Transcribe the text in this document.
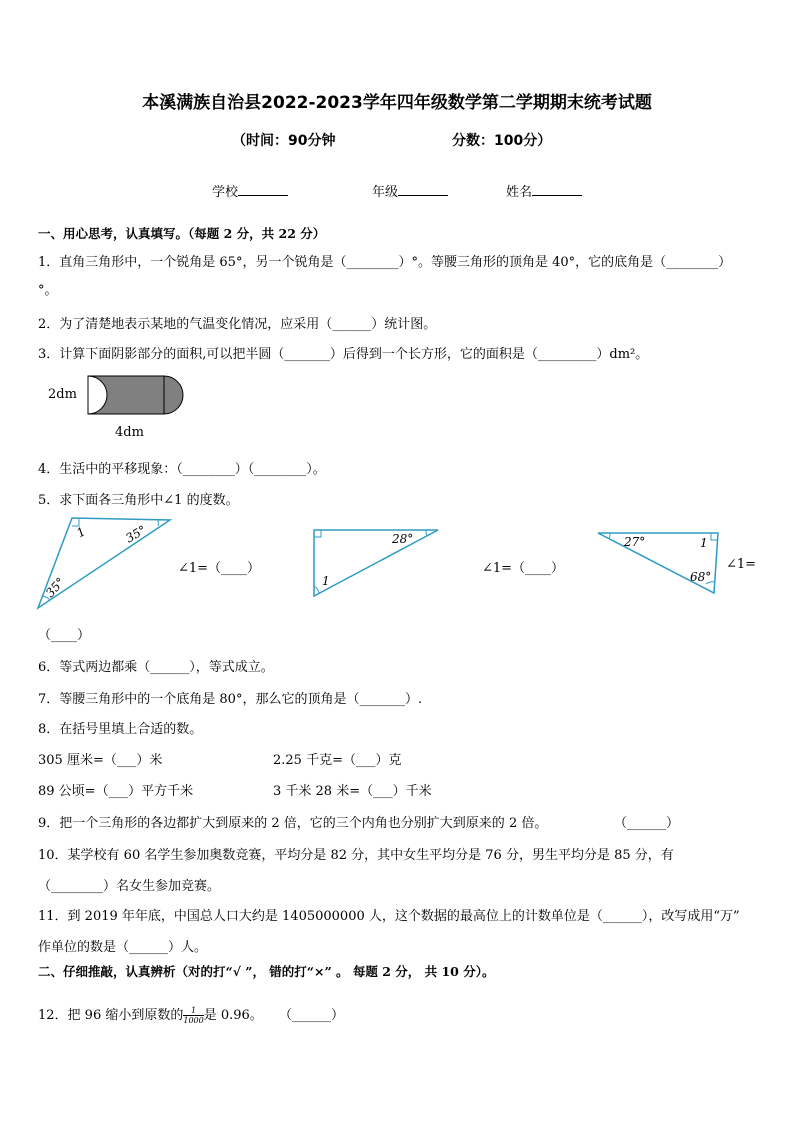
本溪满族自治县2022-2023学年四年级数学第二学期期末统考试题
（时间：90分钟	分数：100分）
学校	年级	姓名
一、用心思考，认真填写。（每题 2 分，共 22 分）
1．直角三角形中，一个锐角是 65°，另一个锐角是（________）°。等腰三角形的顶角是 40°，它的底角是（________）
°。
2．为了清楚地表示某地的气温变化情况，应采用（______）统计图。
3．计算下面阴影部分的面积,可以把半圆（_______）后得到一个长方形，它的面积是（_________）dm²。
2dm
4dm
4．生活中的平移现象：（________）（________）。
5．求下面各三角形中∠1 的度数。
1	35°
35°
∠1=（____）
28°
1
∠1=（____）
27°	1
68°
∠1=
（____）
6．等式两边都乘（______），等式成立。
7．等腰三角形中的一个底角是 80°，那么它的顶角是（_______）.
8．在括号里填上合适的数。
305 厘米=（___）米	2.25 千克=（___）克
89 公顷=（___）平方千米	3 千米 28 米=（___）千米
9．把一个三角形的各边都扩大到原来的 2 倍，它的三个内角也分别扩大到原来的 2 倍。	（______）
10．某学校有 60 名学生参加奥数竞赛，平均分是 82 分，其中女生平均分是 76 分，男生平均分是 85 分，有
（________）名女生参加竞赛。
11．到 2019 年年底，中国总人口大约是 1405000000 人，这个数据的最高位上的计数单位是（______），改写成用“万”
作单位的数是（______）人。
二、仔细推敲，认真辨析（对的打“√ ”， 错的打“×” 。 每题 2 分， 共 10 分）。
12．把 96 缩小到原数的 $\frac{1}{1000}$ 是 0.96。 （______）
